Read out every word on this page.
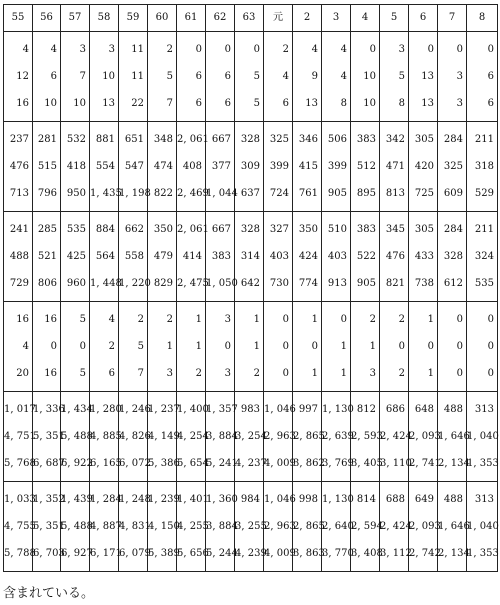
55	56	57	58	59	60	61	62	63	元	2	3	4	5	6	7	8
4	4	3	3	11	2	0	0	0	2	4	4	0	3	0	0	0
12	6	7	10	11	5	6	6	5	4	9	4	10	5	13	3	6
16	10	10	13	22	7	6	6	5	6	13	8	10	8	13	3	6
237	281	532	881	651	348	2, 061	667	328	325	346	506	383	342	305	284	211
476	515	418	554	547	474	408	377	309	399	415	399	512	471	420	325	318
713	796	950	1, 435	1, 198	822	2, 469	1, 044	637	724	761	905	895	813	725	609	529
241	285	535	884	662	350	2, 061	667	328	327	350	510	383	345	305	284	211
488	521	425	564	558	479	414	383	314	403	424	403	522	476	433	328	324
729	806	960	1, 448	1, 220	829	2, 475	1, 050	642	730	774	913	905	821	738	612	535
16	16	5	4	2	2	1	3	1	0	1	0	2	2	1	0	0
4	0	0	2	5	1	1	0	1	0	0	1	1	0	0	0	0
20	16	5	6	7	3	2	3	2	0	1	1	3	2	1	0	0
1, 017	1, 336	1, 434	1, 280	1, 246	1, 237	1, 400	1, 357	983	1, 046	997	1, 130	812	686	648	488	313
4, 751	5, 351	5, 488	4, 885	4, 826	4, 149	4, 254	3, 884	3, 254	2, 963	2, 865	2, 639	2, 593	2, 424	2, 093	1, 646	1, 040
5, 768	6, 687	6, 922	6, 165	6, 072	5, 386	5, 654	5, 241	4, 237	4, 009	3, 862	3, 769	3, 405	3, 110	2, 741	2, 134	1, 353
1, 033	1, 352	1, 439	1, 284	1, 248	1, 239	1, 401	1, 360	984	1, 046	998	1, 130	814	688	649	488	313
4, 755	5, 351	5, 488	4, 887	4, 831	4, 150	4, 255	3, 884	3, 255	2, 963	2, 865	2, 640	2, 594	2, 424	2, 093	1, 646	1, 040
5, 788	6, 703	6, 927	6, 171	6, 079	5, 389	5, 656	5, 244	4, 239	4, 009	3, 863	3, 770	3, 408	3, 112	2, 742	2, 134	1, 353
含まれている。
